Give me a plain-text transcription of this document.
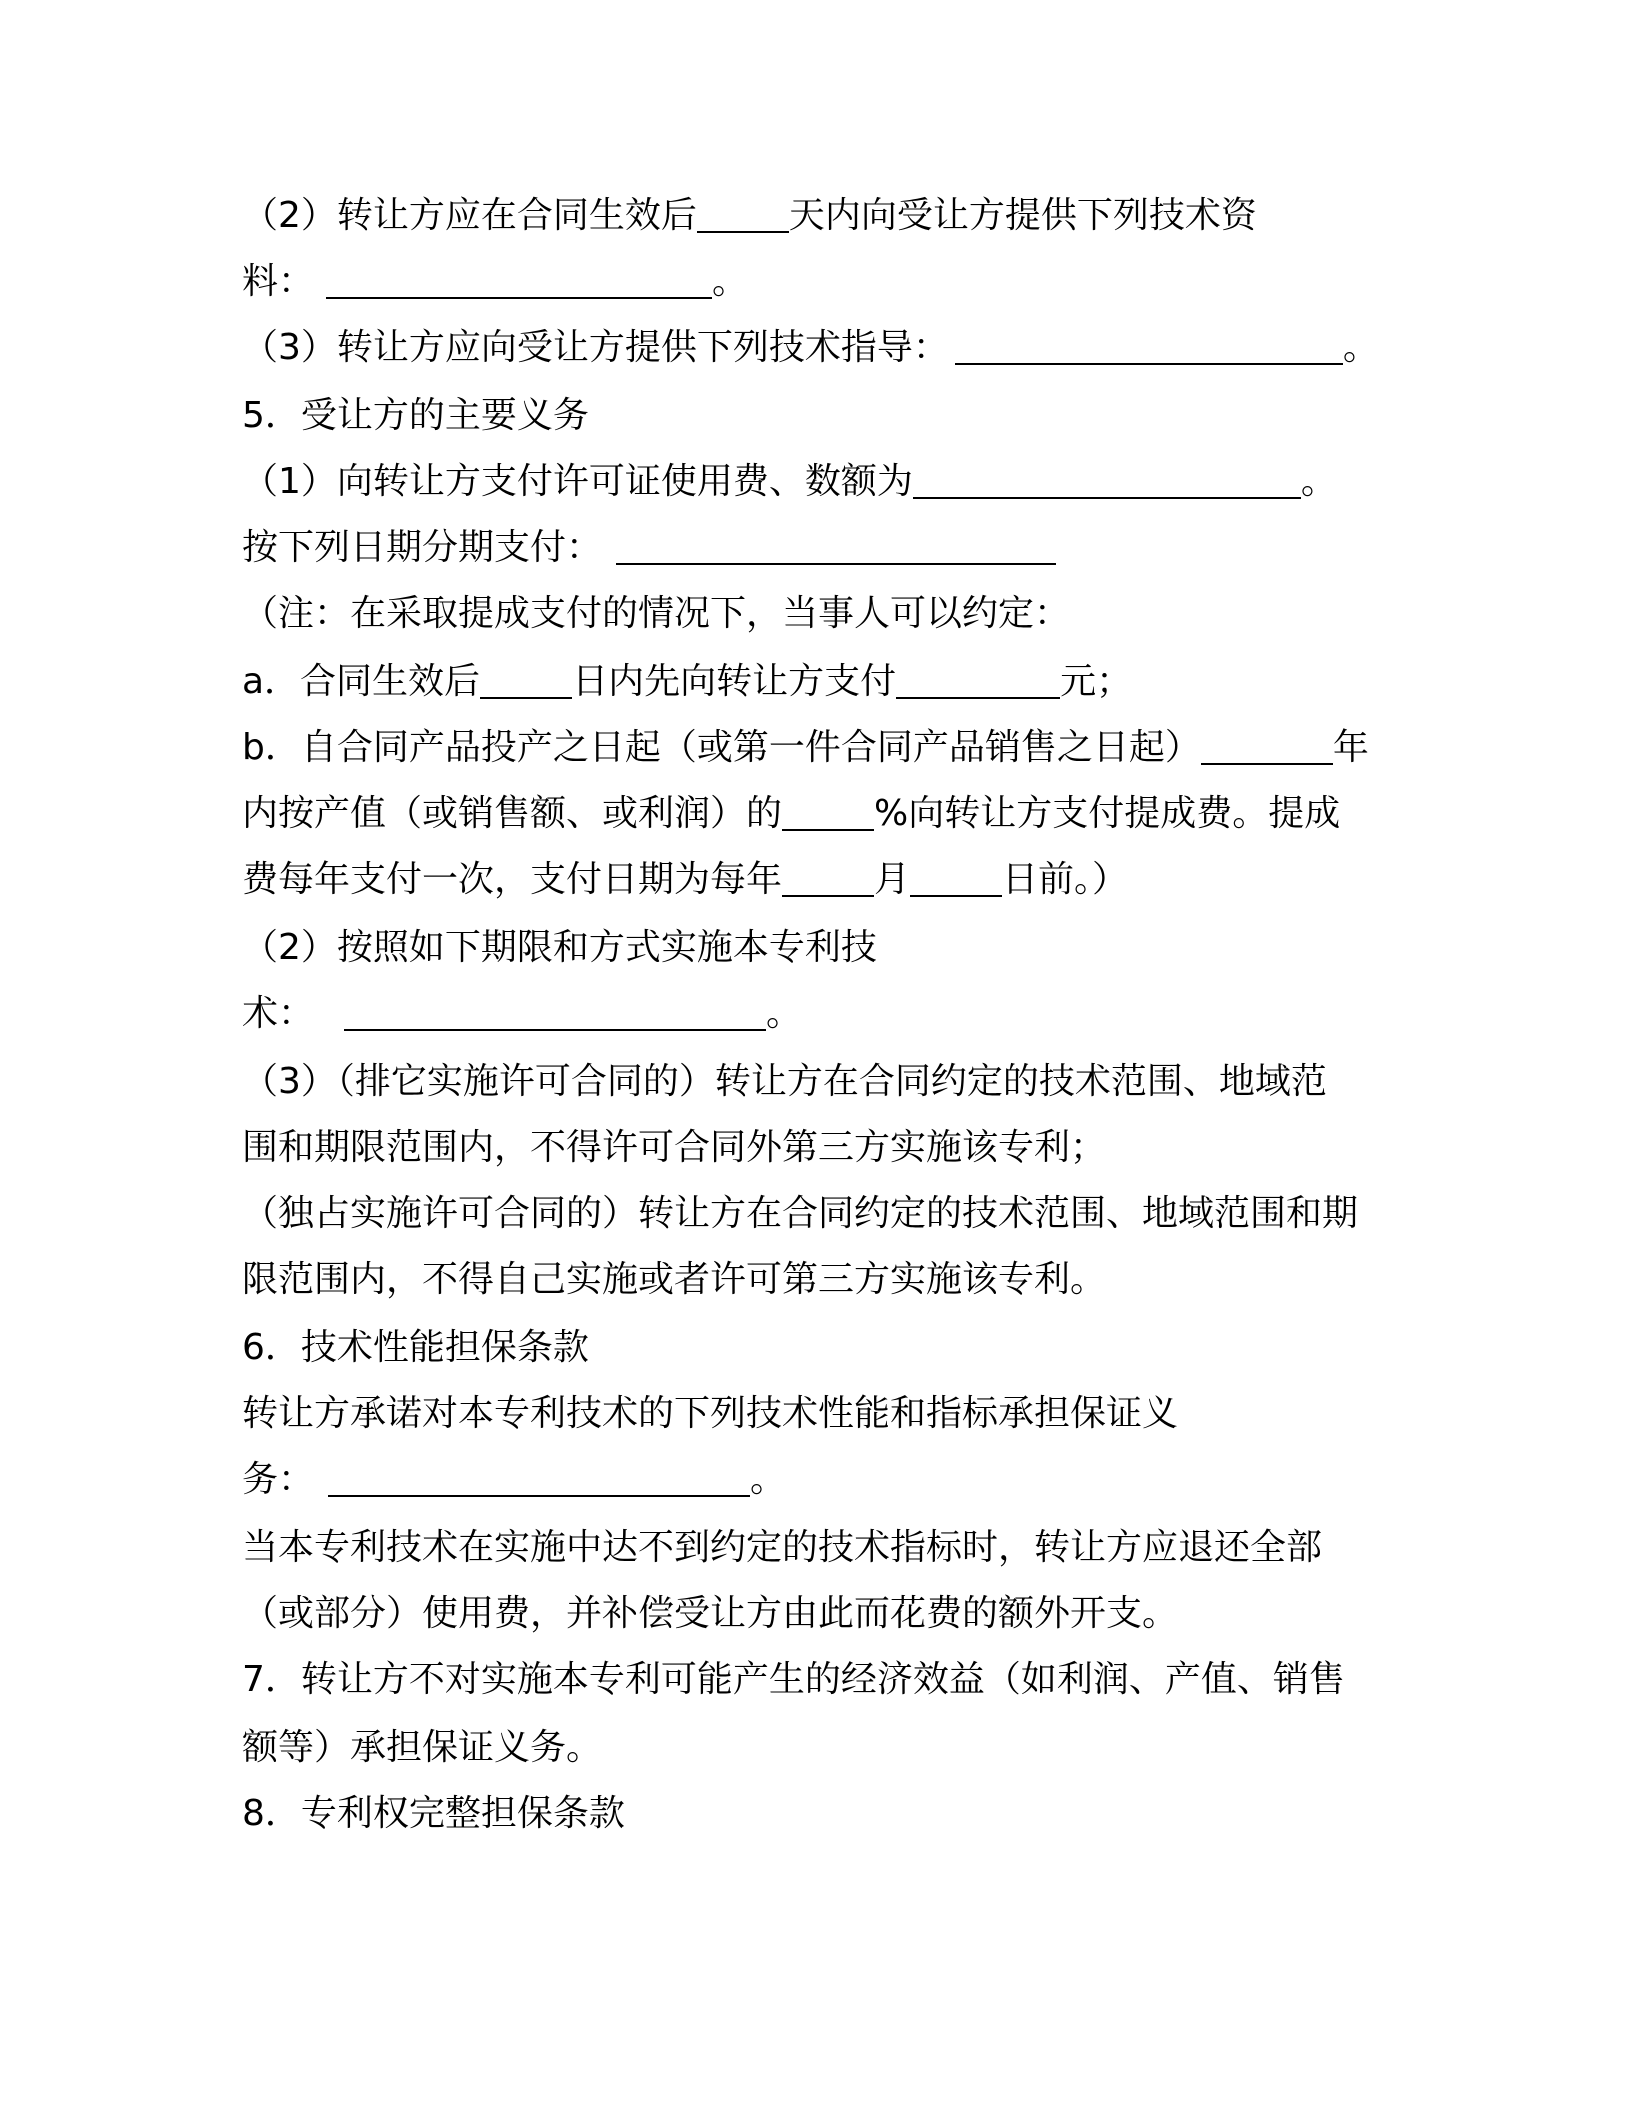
（2）转让方应在合同生效后	天内向受让方提供下列技术资
料：	。
（3）转让方应向受让方提供下列技术指导：	。
5．受让方的主要义务
（1）向转让方支付许可证使用费、数额为	。
按下列日期分期支付：
（注：在采取提成支付的情况下，当事人可以约定：
a．合同生效后	日内先向转让方支付	元；
b．自合同产品投产之日起（或第一件合同产品销售之日起）	年
内按产值（或销售额、或利润）的	%向转让方支付提成费。提成
费每年支付一次，支付日期为每年	月	日前。）
（2）按照如下期限和方式实施本专利技
术：	。
（3）（排它实施许可合同的）转让方在合同约定的技术范围、地域范
围和期限范围内，不得许可合同外第三方实施该专利；
（独占实施许可合同的）转让方在合同约定的技术范围、地域范围和期
限范围内，不得自己实施或者许可第三方实施该专利。
6．技术性能担保条款
转让方承诺对本专利技术的下列技术性能和指标承担保证义
务：	。
当本专利技术在实施中达不到约定的技术指标时，转让方应退还全部
（或部分）使用费，并补偿受让方由此而花费的额外开支。
7．转让方不对实施本专利可能产生的经济效益（如利润、产值、销售
额等）承担保证义务。
8．专利权完整担保条款
